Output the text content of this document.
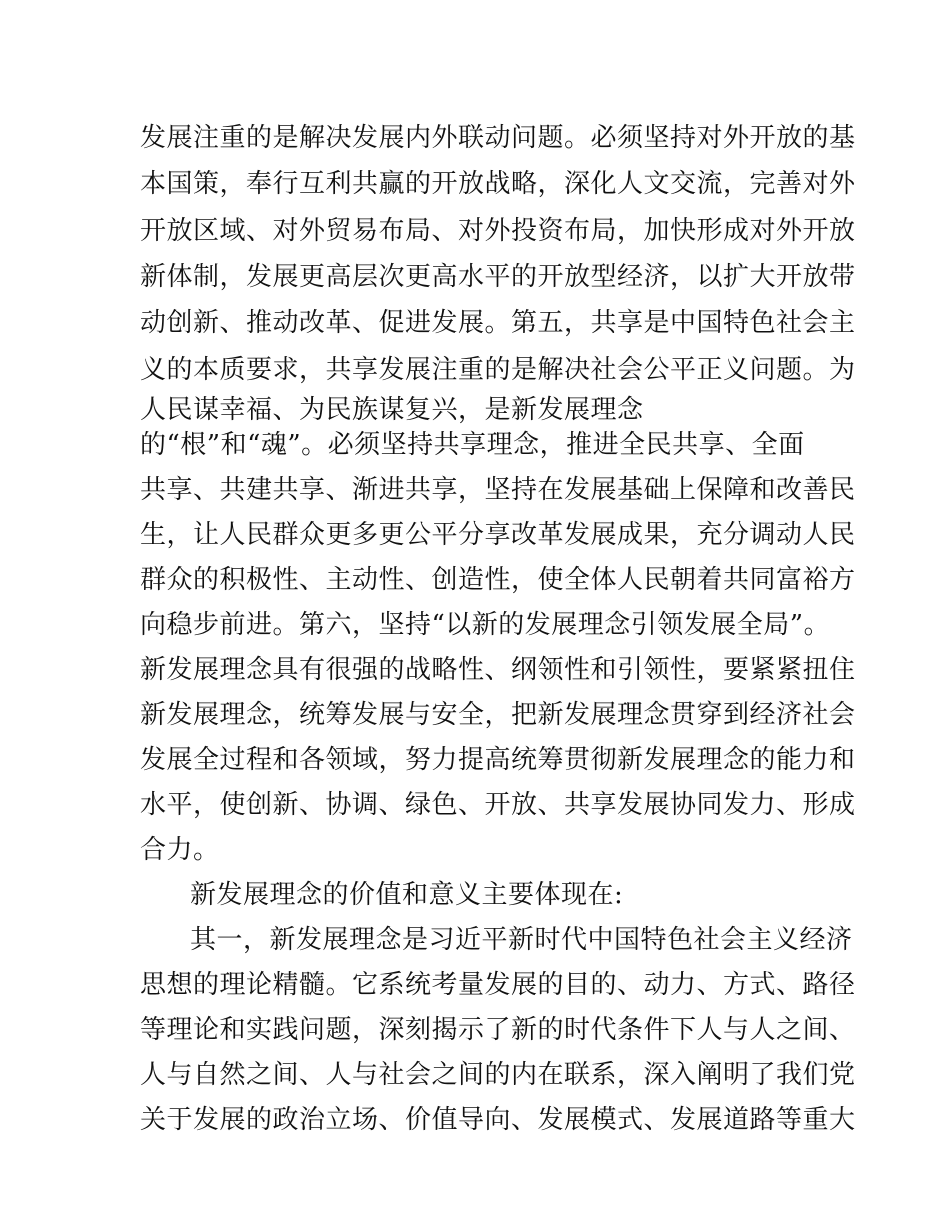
发展注重的是解决发展内外联动问题。必须坚持对外开放的基

本国策，奉行互利共赢的开放战略，深化人文交流，完善对外

开放区域、对外贸易布局、对外投资布局，加快形成对外开放

新体制，发展更高层次更高水平的开放型经济，以扩大开放带

动创新、推动改革、促进发展。第五，共享是中国特色社会主

义的本质要求，共享发展注重的是解决社会公平正义问题。为

人民谋幸福、为民族谋复兴，是新发展理念

的“根”和“魂”。必须坚持共享理念，推进全民共享、全面

共享、共建共享、渐进共享，坚持在发展基础上保障和改善民

生，让人民群众更多更公平分享改革发展成果，充分调动人民

群众的积极性、主动性、创造性，使全体人民朝着共同富裕方

向稳步前进。第六，坚持“以新的发展理念引领发展全局”。

新发展理念具有很强的战略性、纲领性和引领性，要紧紧扭住

新发展理念，统筹发展与安全，把新发展理念贯穿到经济社会

发展全过程和各领域，努力提高统筹贯彻新发展理念的能力和

水平，使创新、协调、绿色、开放、共享发展协同发力、形成

合力。

新发展理念的价值和意义主要体现在:

其一，新发展理念是习近平新时代中国特色社会主义经济

思想的理论精髓。它系统考量发展的目的、动力、方式、路径

等理论和实践问题，深刻揭示了新的时代条件下人与人之间、

人与自然之间、人与社会之间的内在联系，深入阐明了我们党

关于发展的政治立场、价值导向、发展模式、发展道路等重大
